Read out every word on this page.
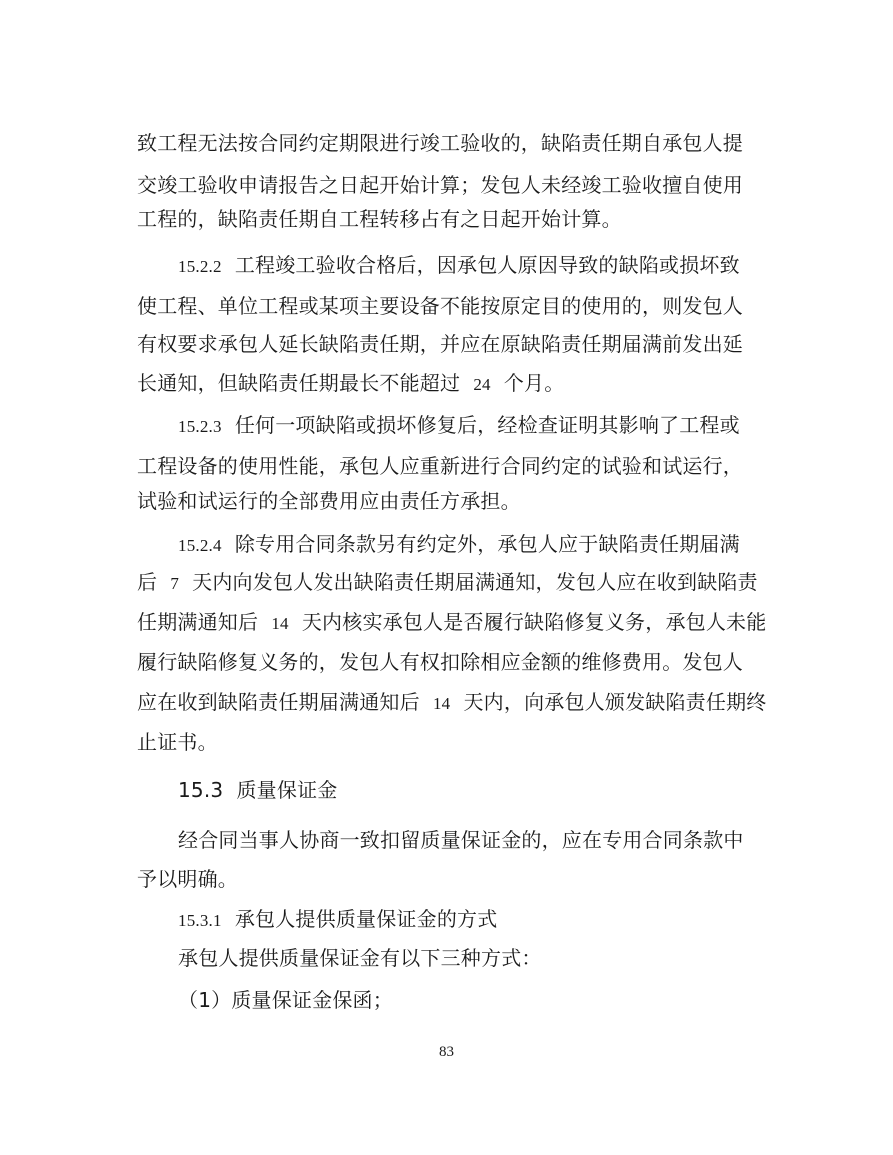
致工程无法按合同约定期限进行竣工验收的，缺陷责任期自承包人提
交竣工验收申请报告之日起开始计算；发包人未经竣工验收擅自使用
工程的，缺陷责任期自工程转移占有之日起开始计算。
15.2.2 工程竣工验收合格后，因承包人原因导致的缺陷或损坏致
使工程、单位工程或某项主要设备不能按原定目的使用的，则发包人
有权要求承包人延长缺陷责任期，并应在原缺陷责任期届满前发出延
长通知，但缺陷责任期最长不能超过 24 个月。
15.2.3 任何一项缺陷或损坏修复后，经检查证明其影响了工程或
工程设备的使用性能，承包人应重新进行合同约定的试验和试运行，
试验和试运行的全部费用应由责任方承担。
15.2.4 除专用合同条款另有约定外，承包人应于缺陷责任期届满
后 7 天内向发包人发出缺陷责任期届满通知，发包人应在收到缺陷责
任期满通知后 14 天内核实承包人是否履行缺陷修复义务，承包人未能
履行缺陷修复义务的，发包人有权扣除相应金额的维修费用。发包人
应在收到缺陷责任期届满通知后 14 天内，向承包人颁发缺陷责任期终
止证书。
15.3 质量保证金
经合同当事人协商一致扣留质量保证金的，应在专用合同条款中
予以明确。
15.3.1 承包人提供质量保证金的方式
承包人提供质量保证金有以下三种方式：
（1）质量保证金保函；
83
